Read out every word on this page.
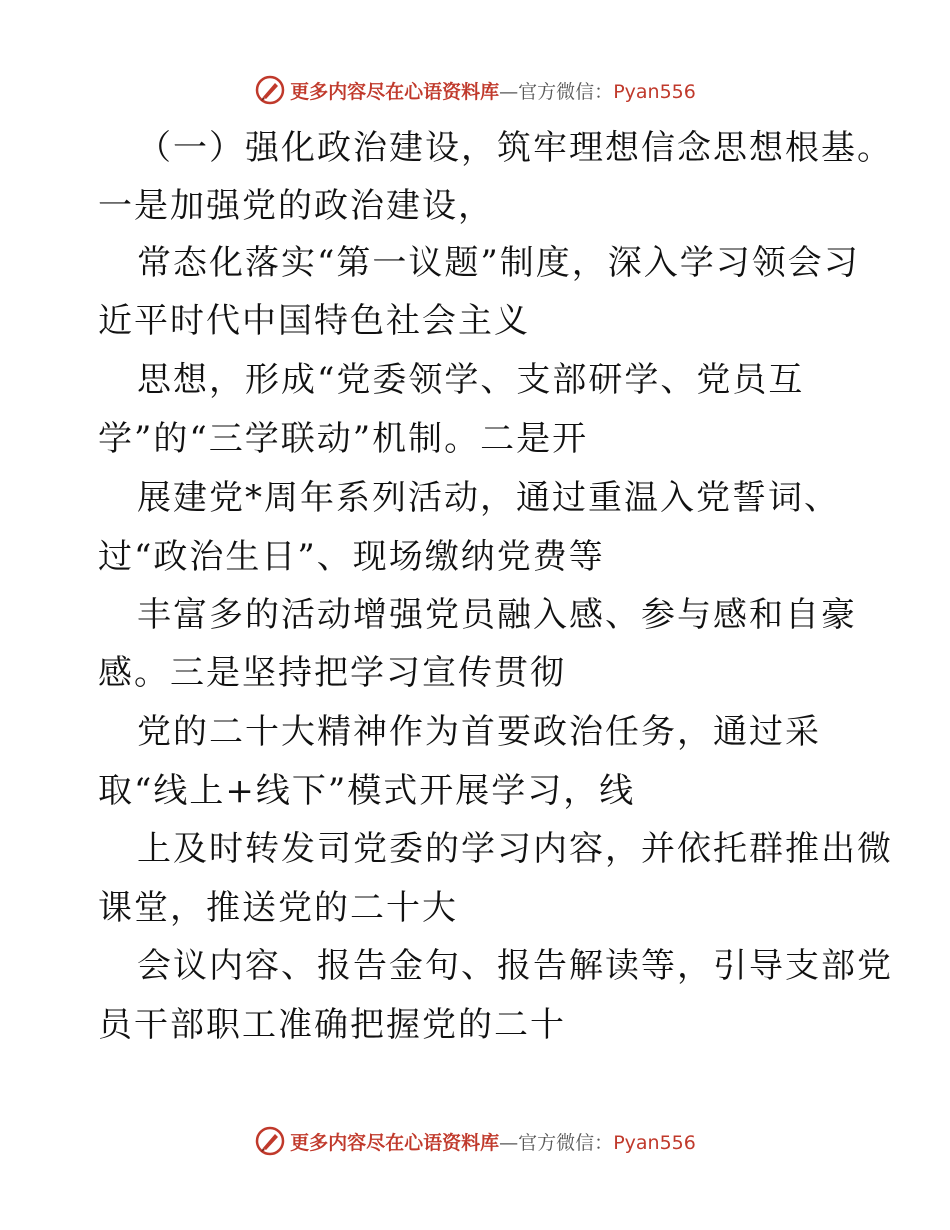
更多内容尽在心语资料库—官方微信：Pyan556
（一）强化政治建设，筑牢理想信念思想根基。
一是加强党的政治建设，
常态化落实“第一议题”制度，深入学习领会习
近平时代中国特色社会主义
思想，形成“党委领学、支部研学、党员互
学”的“三学联动”机制。二是开
展建党*周年系列活动，通过重温入党誓词、
过“政治生日”、现场缴纳党费等
丰富多的活动增强党员融入感、参与感和自豪
感。三是坚持把学习宣传贯彻
党的二十大精神作为首要政治任务，通过采
取“线上+线下”模式开展学习，线
上及时转发司党委的学习内容，并依托群推出微
课堂，推送党的二十大
会议内容、报告金句、报告解读等，引导支部党
员干部职工准确把握党的二十
更多内容尽在心语资料库—官方微信：Pyan556
